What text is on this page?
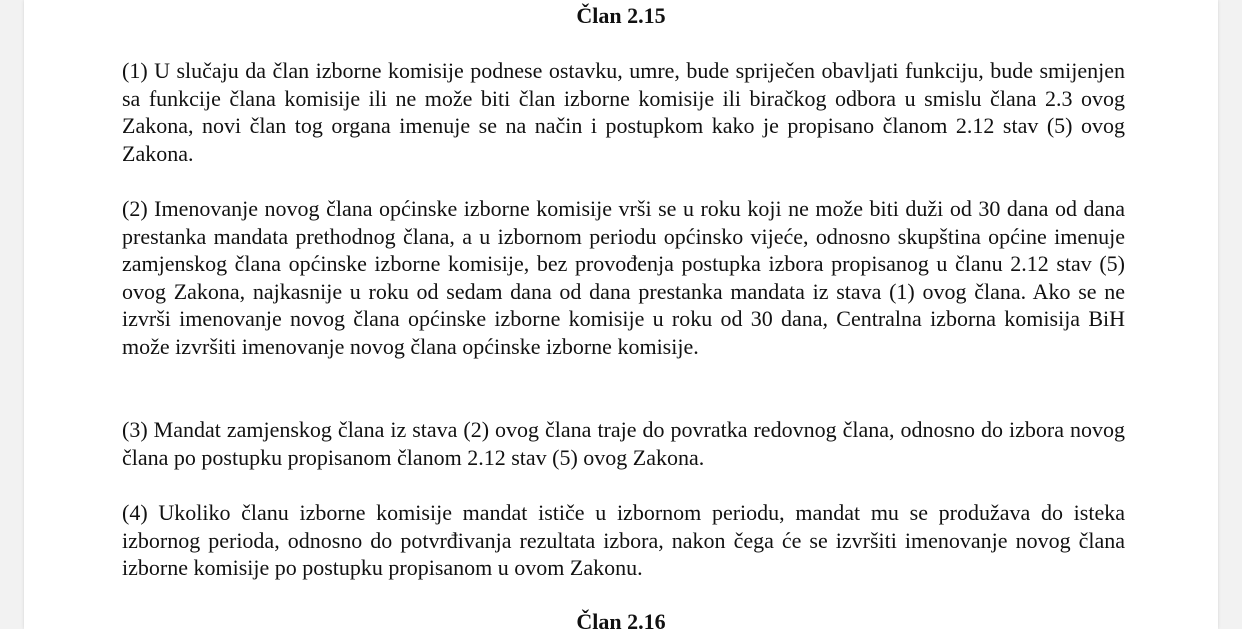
Član 2.15

(1) U slučaju da član izborne komisije podnese ostavku, umre, bude spriječen obavljati funkciju, bude smijenjen sa funkcije člana komisije ili ne može biti član izborne komisije ili biračkog odbora u smislu člana 2.3 ovog Zakona, novi član tog organa imenuje se na način i postupkom kako je propisano članom 2.12 stav (5) ovog Zakona.

(2) Imenovanje novog člana općinske izborne komisije vrši se u roku koji ne može biti duži od 30 dana od dana prestanka mandata prethodnog člana, a u izbornom periodu općinsko vijeće, odnosno skupština općine imenuje zamjenskog člana općinske izborne komisije, bez provođenja postupka izbora propisanog u članu 2.12 stav (5) ovog Zakona, najkasnije u roku od sedam dana od dana prestanka mandata iz stava (1) ovog člana. Ako se ne izvrši imenovanje novog člana općinske izborne komisije u roku od 30 dana, Centralna izborna komisija BiH može izvršiti imenovanje novog člana općinske izborne komisije.

(3) Mandat zamjenskog člana iz stava (2) ovog člana traje do povratka redovnog člana, odnosno do izbora novog člana po postupku propisanom članom 2.12 stav (5) ovog Zakona.

(4) Ukoliko članu izborne komisije mandat ističe u izbornom periodu, mandat mu se produžava do isteka izbornog perioda, odnosno do potvrđivanja rezultata izbora, nakon čega će se izvršiti imenovanje novog člana izborne komisije po postupku propisanom u ovom Zakonu.

Član 2.16
